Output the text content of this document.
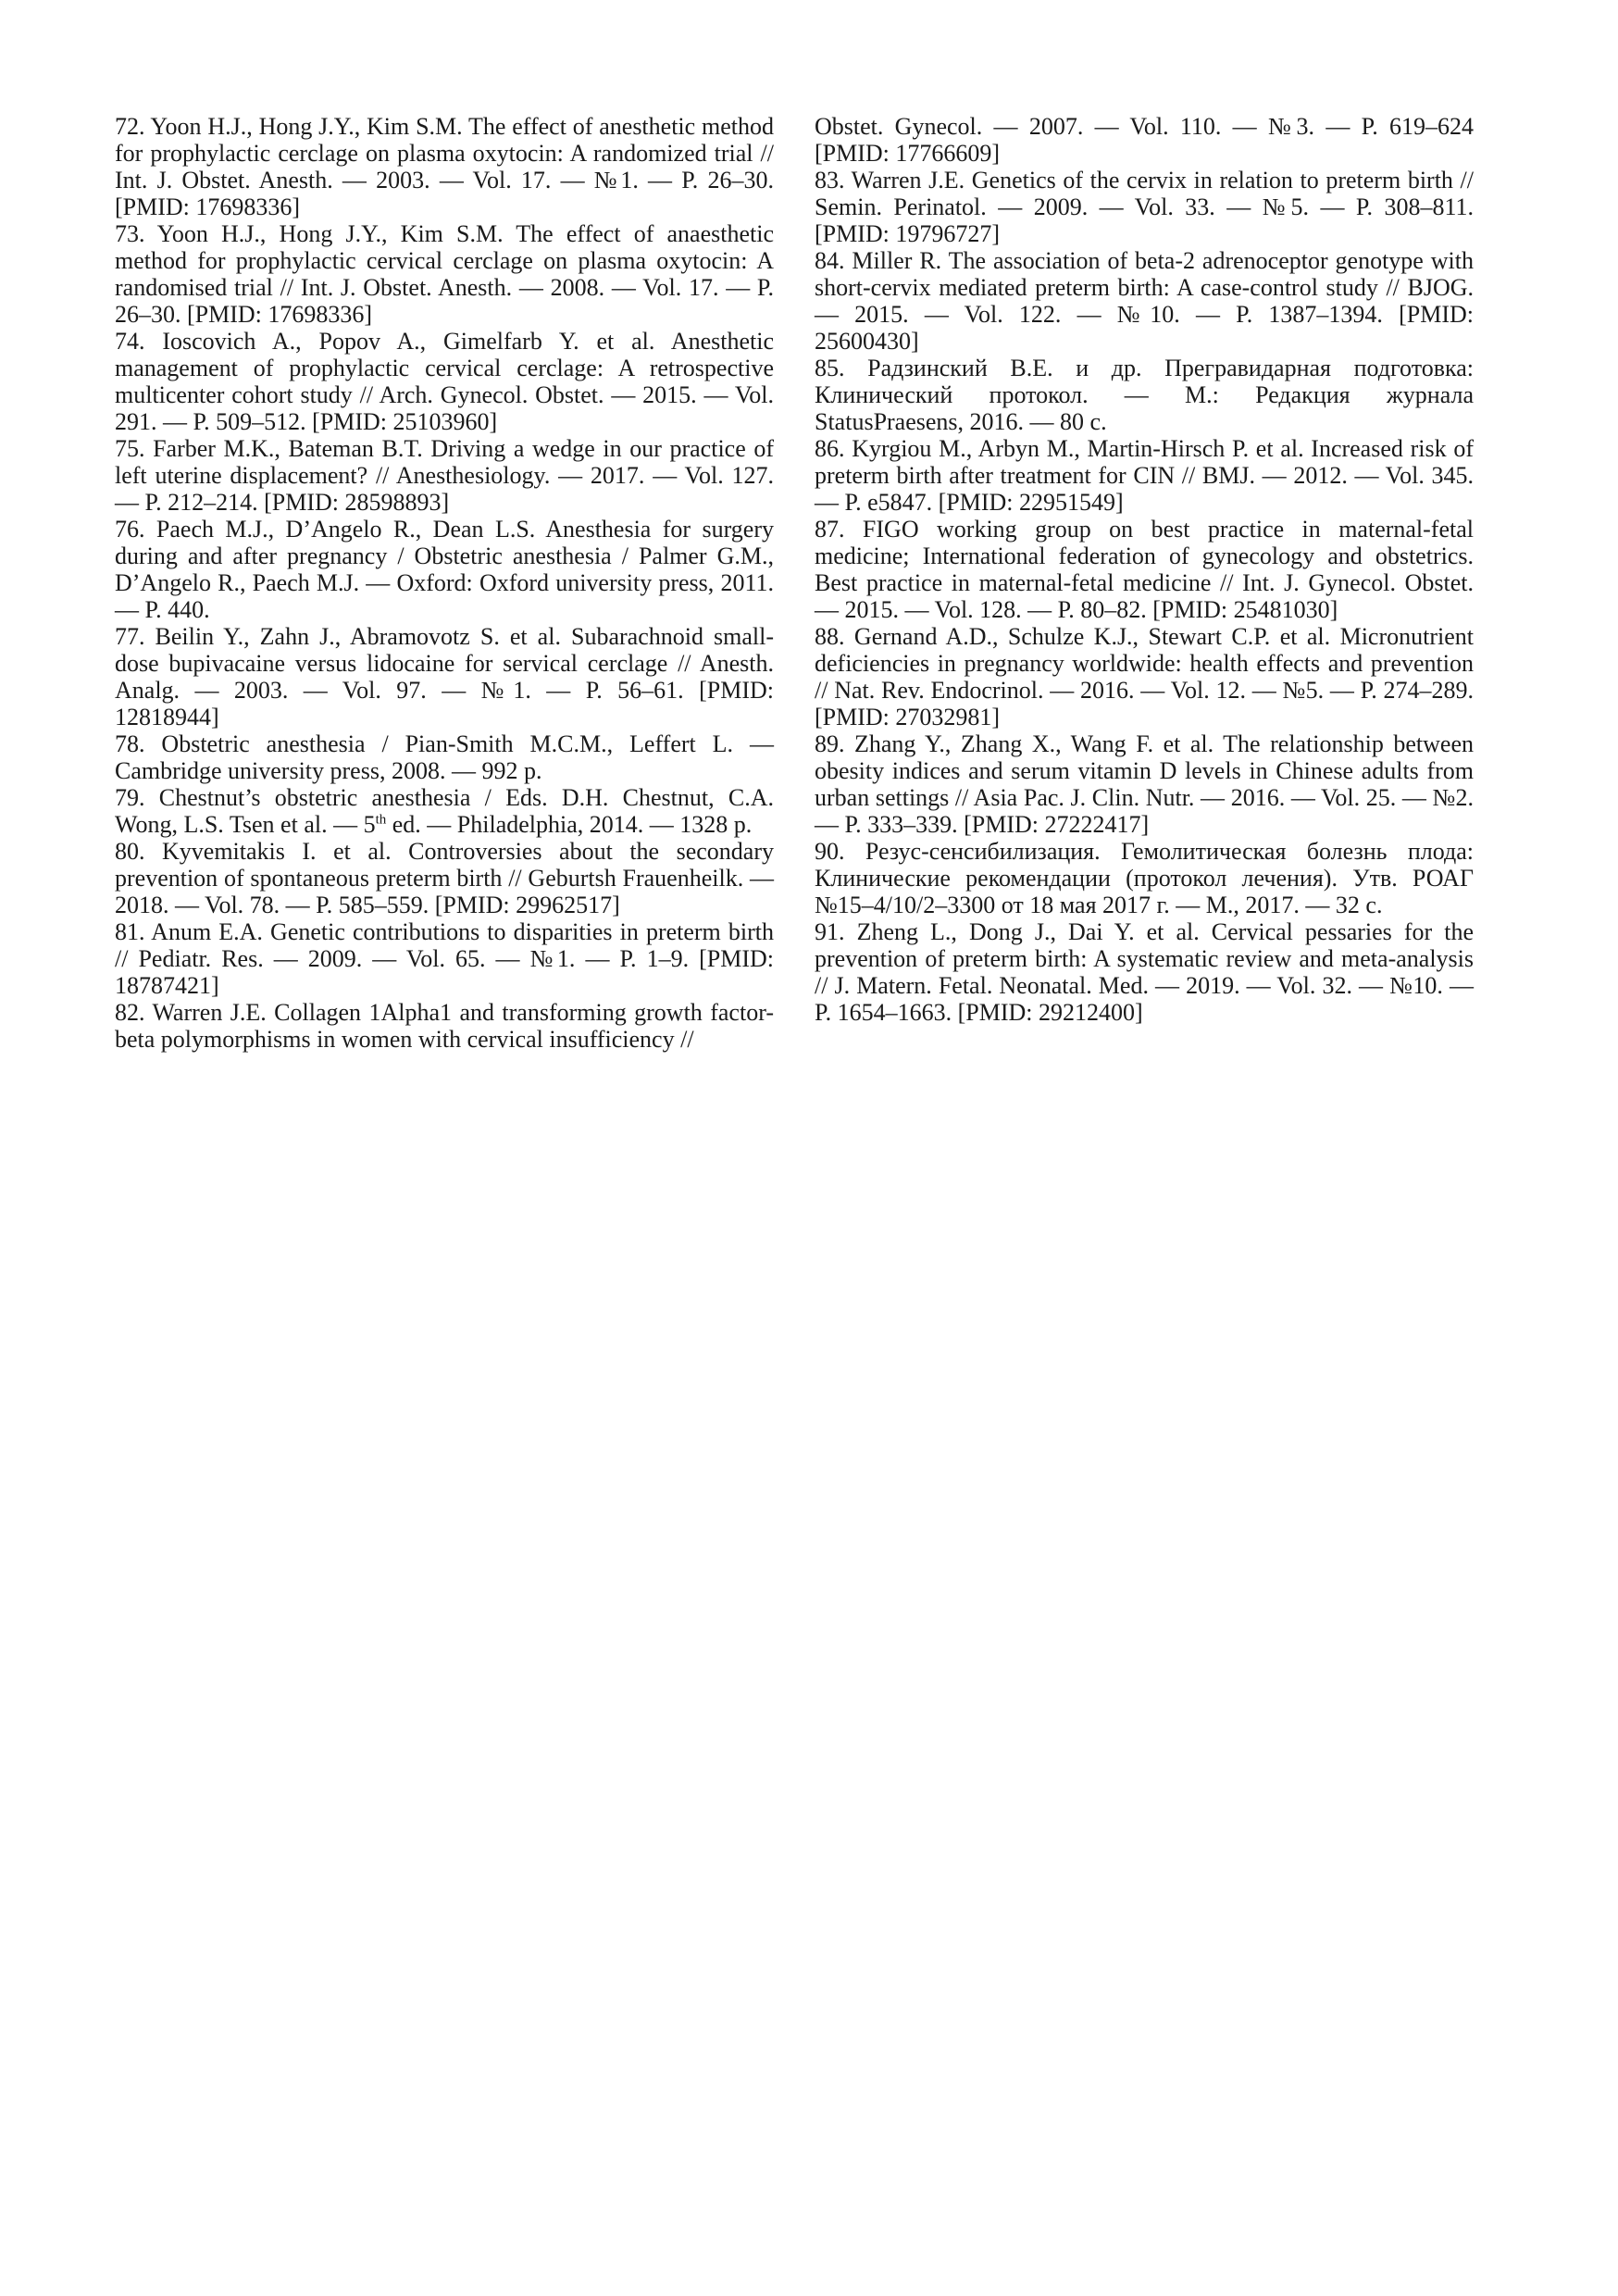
72. Yoon H.J., Hong J.Y., Kim S.M. The effect of anesthetic method for prophylactic cerclage on plasma oxytocin: A randomized trial // Int. J. Obstet. Anesth. — 2003. — Vol. 17. — №1. — P. 26–30. [PMID: 17698336]

73. Yoon H.J., Hong J.Y., Kim S.M. The effect of anaesthetic method for prophylactic cervical cerclage on plasma oxytocin: A randomised trial // Int. J. Obstet. Anesth. — 2008. — Vol. 17. — P. 26–30. [PMID: 17698336]

74. Ioscovich A., Popov A., Gimelfarb Y. et al. Anesthetic management of prophylactic cervical cerclage: A retrospective multicenter cohort study // Arch. Gynecol. Obstet. — 2015. — Vol. 291. — P. 509–512. [PMID: 25103960]

75. Farber M.K., Bateman B.T. Driving a wedge in our practice of left uterine displacement? // Anesthesiology. — 2017. — Vol. 127. — P. 212–214. [PMID: 28598893]

76. Paech M.J., D’Angelo R., Dean L.S. Anesthesia for surgery during and after pregnancy / Obstetric anesthesia / Palmer G.M., D’Angelo R., Paech M.J. — Oxford: Oxford university press, 2011. — P. 440.

77. Beilin Y., Zahn J., Abramovotz S. et al. Subarachnoid small-dose bupivacaine versus lidocaine for servical cerclage // Anesth. Analg. — 2003. — Vol. 97. — №1. — P. 56–61. [PMID: 12818944]

78. Obstetric anesthesia / Pian-Smith M.C.M., Leffert L. — Cambridge university press, 2008. — 992 p.

79. Chestnut’s obstetric anesthesia / Eds. D.H. Chestnut, C.A. Wong, L.S. Tsen et al. — 5th ed. — Philadelphia, 2014. — 1328 p.

80. Kyvemitakis I. et al. Controversies about the secondary prevention of spontaneous preterm birth // Geburtsh Frauenheilk. — 2018. — Vol. 78. — P. 585–559. [PMID: 29962517]

81. Anum E.A. Genetic contributions to disparities in preterm birth // Pediatr. Res. — 2009. — Vol. 65. — №1. — P. 1–9. [PMID: 18787421]

82. Warren J.E. Collagen 1Alpha1 and transforming growth factor-beta polymorphisms in women with cervical insufficiency //

Obstet. Gynecol. — 2007. — Vol. 110. — №3. — P. 619–624 [PMID: 17766609]

83. Warren J.E. Genetics of the cervix in relation to preterm birth // Semin. Perinatol. — 2009. — Vol. 33. — №5. — P. 308–811. [PMID: 19796727]

84. Miller R. The association of beta-2 adrenoceptor genotype with short-cervix mediated preterm birth: A case-control study // BJOG. — 2015. — Vol. 122. — №10. — P. 1387–1394. [PMID: 25600430]

85. Радзинский В.Е. и др. Прегравидарная подготовка: Клинический протокол. — М.: Редакция журнала StatusPraesens, 2016. — 80 с.

86. Kyrgiou M., Arbyn M., Martin-Hirsch P. et al. Increased risk of preterm birth after treatment for CIN // BMJ. — 2012. — Vol. 345. — P. e5847. [PMID: 22951549]

87. FIGO working group on best practice in maternal-fetal medicine; International federation of gynecology and obstetrics. Best practice in maternal-fetal medicine // Int. J. Gynecol. Obstet. — 2015. — Vol. 128. — P. 80–82. [PMID: 25481030]

88. Gernand A.D., Schulze K.J., Stewart C.P. et al. Micronutrient deficiencies in pregnancy worldwide: health effects and prevention // Nat. Rev. Endocrinol. — 2016. — Vol. 12. — №5. — P. 274–289. [PMID: 27032981]

89. Zhang Y., Zhang X., Wang F. et al. The relationship between obesity indices and serum vitamin D levels in Chinese adults from urban settings // Asia Pac. J. Clin. Nutr. — 2016. — Vol. 25. — №2. — P. 333–339. [PMID: 27222417]

90. Резус-сенсибилизация. Гемолитическая болезнь плода: Клинические рекомендации (протокол лечения). Утв. РОАГ №15–4/10/2–3300 от 18 мая 2017 г. — М., 2017. — 32 с.

91. Zheng L., Dong J., Dai Y. et al. Cervical pessaries for the prevention of preterm birth: A systematic review and meta-analysis // J. Matern. Fetal. Neonatal. Med. — 2019. — Vol. 32. — №10. — P. 1654–1663. [PMID: 29212400]
